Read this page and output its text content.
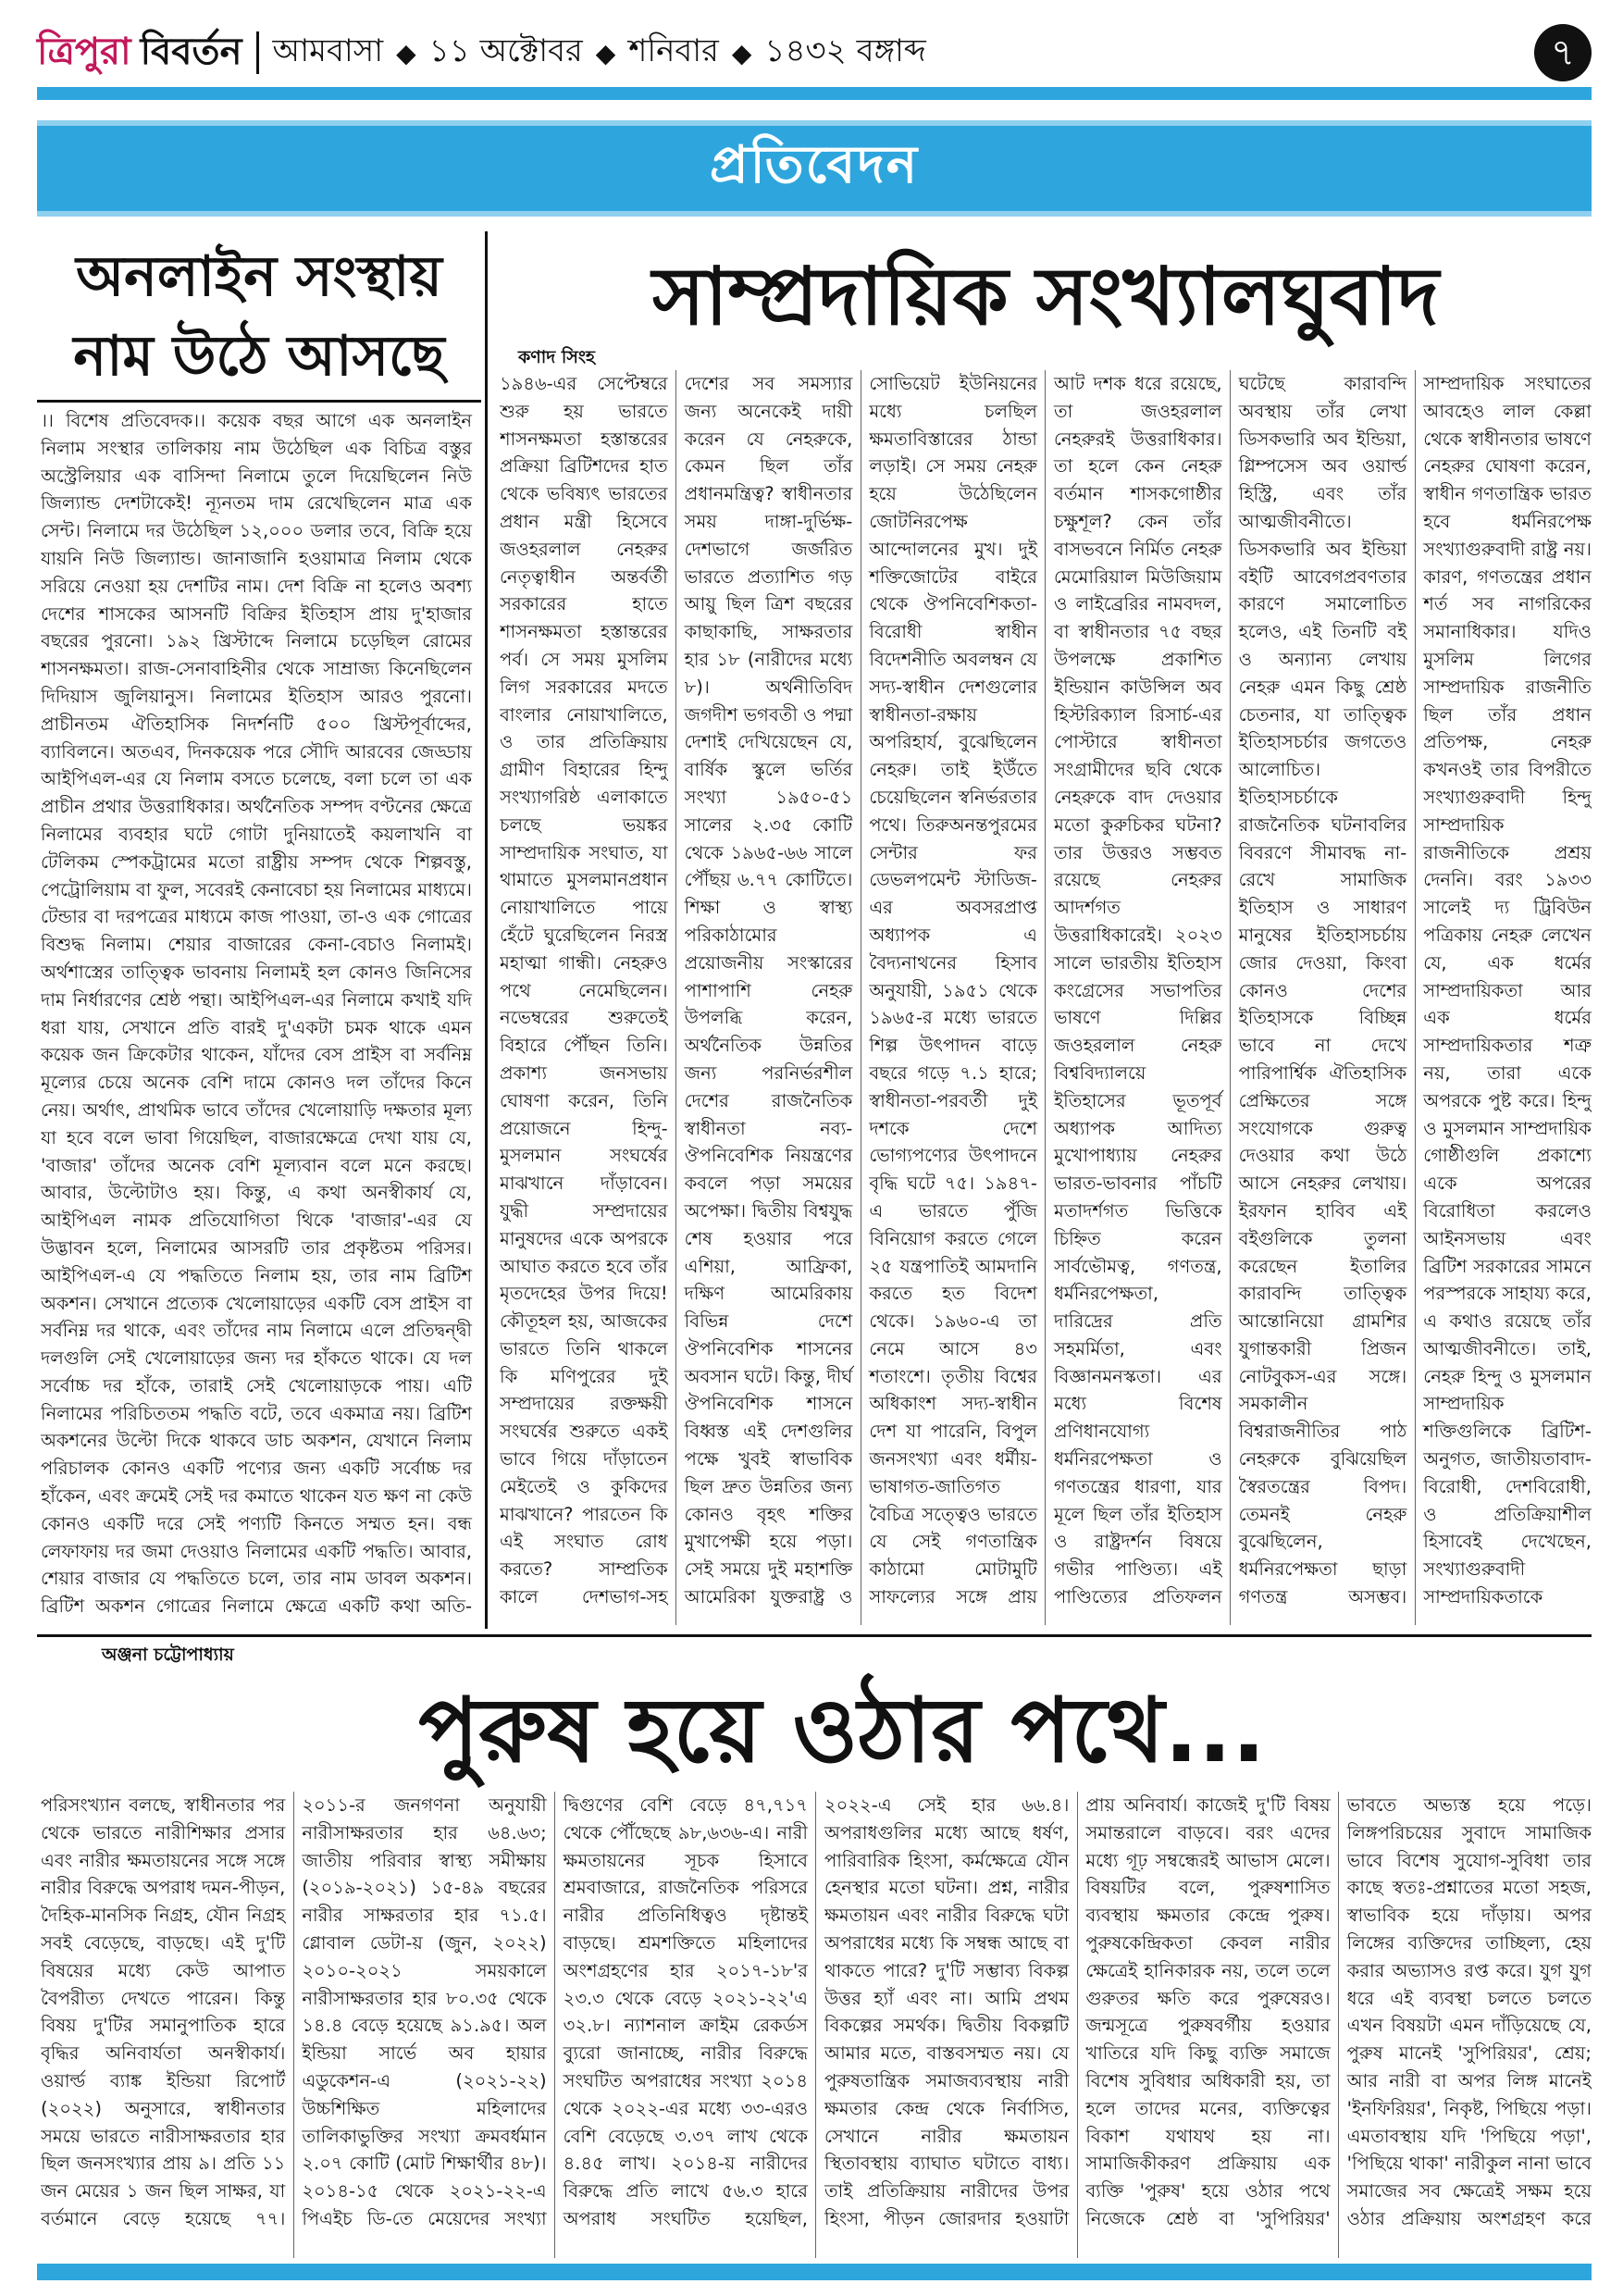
ত্রিপুরা বিবর্তন আমবাসা ◆ ১১ অক্টোবর ◆ শনিবার ◆ ১৪৩২ বঙ্গাব্দ	৭
প্রতিবেদন
অনলাইন সংস্থায়
নাম উঠে আসছে
।। বিশেষ প্রতিবেদক।। কয়েক বছর আগে এক অনলাইন নিলাম সংস্থার তালিকায় নাম উঠেছিল এক বিচিত্র বস্তুর অস্ট্রেলিয়ার এক বাসিন্দা নিলামে তুলে দিয়েছিলেন নিউ জিল্যান্ড দেশটাকেই! ন্যূনতম দাম রেখেছিলেন মাত্র এক সেন্ট। নিলামে দর উঠেছিল ১২,০০০ ডলার তবে, বিক্রি হয়ে যায়নি নিউ জিল্যান্ড। জানাজানি হওয়ামাত্র নিলাম থেকে সরিয়ে নেওয়া হয় দেশটির নাম। দেশ বিক্রি না হলেও অবশ্য দেশের শাসকের আসনটি বিক্রির ইতিহাস প্রায় দু'হাজার বছরের পুরনো। ১৯২ খ্রিস্টাব্দে নিলামে চড়েছিল রোমের শাসনক্ষমতা। রাজ-সেনাবাহিনীর থেকে সাম্রাজ্য কিনেছিলেন দিদিয়াস জুলিয়ানুস। নিলামের ইতিহাস আরও পুরনো। প্রাচীনতম ঐতিহাসিক নিদর্শনটি ৫০০ খ্রিস্টপূর্বাব্দের, ব্যাবিলনে। অতএব, দিনকয়েক পরে সৌদি আরবের জেড্ডায় আইপিএল-এর যে নিলাম বসতে চলেছে, বলা চলে তা এক প্রাচীন প্রথার উত্তরাধিকার। অর্থনৈতিক সম্পদ বণ্টনের ক্ষেত্রে নিলামের ব্যবহার ঘটে গোটা দুনিয়াতেই কয়লাখনি বা টেলিকম স্পেকট্রামের মতো রাষ্ট্রীয় সম্পদ থেকে শিল্পবস্তু, পেট্রোলিয়াম বা ফুল, সবেরই কেনাবেচা হয় নিলামের মাধ্যমে। টেন্ডার বা দরপত্রের মাধ্যমে কাজ পাওয়া, তা-ও এক গোত্রের বিশুদ্ধ নিলাম। শেয়ার বাজারের কেনা-বেচাও নিলামই। অর্থশাস্ত্রের তাত্ত্বিক ভাবনায় নিলামই হল কোনও জিনিসের দাম নির্ধারণের শ্রেষ্ঠ পন্থা। আইপিএল-এর নিলামে কখাই যদি ধরা যায়, সেখানে প্রতি বারই দু'একটা চমক থাকে এমন কয়েক জন ক্রিকেটার থাকেন, যাঁদের বেস প্রাইস বা সর্বনিম্ন মূল্যের চেয়ে অনেক বেশি দামে কোনও দল তাঁদের কিনে নেয়। অর্থাৎ, প্রাথমিক ভাবে তাঁদের খেলোয়াড়ি দক্ষতার মূল্য যা হবে বলে ভাবা গিয়েছিল, বাজারক্ষেত্রে দেখা যায় যে, 'বাজার' তাঁদের অনেক বেশি মূল্যবান বলে মনে করছে। আবার, উল্টোটাও হয়। কিন্তু, এ কথা অনস্বীকার্য যে, আইপিএল নামক প্রতিযোগিতা থিকে 'বাজার'-এর যে উদ্ভাবন হলে, নিলামের আসরটি তার প্রকৃষ্টতম পরিসর। আইপিএল-এ যে পদ্ধতিতে নিলাম হয়, তার নাম ব্রিটিশ অকশন। সেখানে প্রত্যেক খেলোয়াড়ের একটি বেস প্রাইস বা সর্বনিম্ন দর থাকে, এবং তাঁদের নাম নিলামে এলে প্রতিদ্বন্দ্বী দলগুলি সেই খেলোয়াড়ের জন্য দর হাঁকতে থাকে। যে দল সর্বোচ্চ দর হাঁকে, তারাই সেই খেলোয়াড়কে পায়। এটি নিলামের পরিচিততম পদ্ধতি বটে, তবে একমাত্র নয়। ব্রিটিশ অকশনের উল্টো দিকে থাকবে ডাচ অকশন, যেখানে নিলাম পরিচালক কোনও একটি পণ্যের জন্য একটি সর্বোচ্চ দর হাঁকেন, এবং ক্রমেই সেই দর কমাতে থাকেন যত ক্ষণ না কেউ কোনও একটি দরে সেই পণ্যটি কিনতে সম্মত হন। বন্ধ লেফাফায় দর জমা দেওয়াও নিলামের একটি পদ্ধতি। আবার, শেয়ার বাজার যে পদ্ধতিতে চলে, তার নাম ডাবল অকশন। ব্রিটিশ অকশন গোত্রের নিলামে ক্ষেত্রে একটি কথা অতি-
সাম্প্রদায়িক সংখ্যালঘুবাদ
কণাদ সিংহ
১৯৪৬-এর সেপ্টেম্বরে শুরু হয় ভারতে শাসনক্ষমতা হস্তান্তরের প্রক্রিয়া ব্রিটিশদের হাত থেকে ভবিষ্যৎ ভারতের প্রধান মন্ত্রী হিসেবে জওহরলাল নেহরুর নেতৃত্বাধীন অন্তর্বর্তী সরকারের হাতে শাসনক্ষমতা হস্তান্তরের পর্ব। সে সময় মুসলিম লিগ সরকারের মদতে বাংলার নোয়াখালিতে, ও তার প্রতিক্রিয়ায় গ্রামীণ বিহারের হিন্দু সংখ্যাগরিষ্ঠ এলাকাতে চলছে ভয়ঙ্কর সাম্প্রদায়িক সংঘাত, যা থামাতে মুসলমানপ্রধান নোয়াখালিতে পায়ে হেঁটে ঘুরেছিলেন নিরস্ত্র মহাত্মা গান্ধী। নেহরুও পথে নেমেছিলেন। নভেম্বরের শুরুতেই বিহারে পৌঁছন তিনি। প্রকাশ্য জনসভায় ঘোষণা করেন, তিনি প্রয়োজনে হিন্দু-মুসলমান সংঘর্ষের মাঝখানে দাঁড়াবেন। যুদ্ধী সম্প্রদায়ের মানুষদের একে অপরকে আঘাত করতে হবে তাঁর মৃতদেহের উপর দিয়ে! কৌতূহল হয়, আজকের ভারতে তিনি থাকলে কি মণিপুরের দুই সম্প্রদায়ের রক্তক্ষয়ী সংঘর্ষের শুরুতে একই ভাবে গিয়ে দাঁড়াতেন মেইতেই ও কুকিদের মাঝখানে? পারতেন কি এই সংঘাত রোধ করতে? সাম্প্রতিক কালে দেশভাগ-সহ দেশের সব সমস্যার জন্য অনেকেই দায়ী করেন যে নেহরুকে, কেমন ছিল তাঁর প্রধানমন্ত্রিত্ব? স্বাধীনতার সময় দাঙ্গা-দুর্ভিক্ষ-দেশভাগে জর্জরিত ভারতে প্রত্যাশিত গড় আয়ু ছিল ত্রিশ বছরের কাছাকাছি, সাক্ষরতার হার ১৮ (নারীদের মধ্যে ৮)। অর্থনীতিবিদ জগদীশ ভগবতী ও পদ্মা দেশাই দেখিয়েছেন যে, বার্ষিক স্কুলে ভর্তির সংখ্যা ১৯৫০-৫১ সালের ২.৩৫ কোটি থেকে ১৯৬৫-৬৬ সালে পৌঁছয় ৬.৭৭ কোটিতে। শিক্ষা ও স্বাস্থ্য পরিকাঠামোর প্রয়োজনীয় সংস্কারের পাশাপাশি নেহরু উপলব্ধি করেন, অর্থনৈতিক উন্নতির জন্য পরনির্ভরশীল দেশের রাজনৈতিক স্বাধীনতা নব্য-ঔপনিবেশিক নিয়ন্ত্রণের কবলে পড়া সময়ের অপেক্ষা। দ্বিতীয় বিশ্বযুদ্ধ শেষ হওয়ার পরে এশিয়া, আফ্রিকা, দক্ষিণ আমেরিকায় বিভিন্ন দেশে ঔপনিবেশিক শাসনের অবসান ঘটে। কিন্তু, দীর্ঘ ঔপনিবেশিক শাসনে বিধ্বস্ত এই দেশগুলির পক্ষে খুবই স্বাভাবিক ছিল দ্রুত উন্নতির জন্য কোনও বৃহৎ শক্তির মুখাপেক্ষী হয়ে পড়া। সেই সময়ে দুই মহাশক্তি আমেরিকা যুক্তরাষ্ট্র ও সোভিয়েট ইউনিয়নের মধ্যে চলছিল ক্ষমতাবিস্তারের ঠান্ডা লড়াই। সে সময় নেহরু হয়ে উঠেছিলেন জোটনিরপেক্ষ আন্দোলনের মুখ। দুই শক্তিজোটের বাইরে থেকে ঔপনিবেশিকতা-বিরোধী স্বাধীন বিদেশনীতি অবলম্বন যে সদ্য-স্বাধীন দেশগুলোর স্বাধীনতা-রক্ষায় অপরিহার্য, বুঝেছিলেন নেহরু। তাই ইউঁতে চেয়েছিলেন স্বনির্ভরতার পথে। তিরুঅনন্তপুরমের সেন্টার ফর ডেভলপমেন্ট স্টাডিজ-এর অবসরপ্রাপ্ত অধ্যাপক এ বৈদ্যনাথনের হিসাব অনুযায়ী, ১৯৫১ থেকে ১৯৬৫-র মধ্যে ভারতে শিল্প উৎপাদন বাড়ে বছরে গড়ে ৭.১ হারে; স্বাধীনতা-পরবর্তী দুই দশকে দেশে ভোগ্যপণ্যের উৎপাদনে বৃদ্ধি ঘটে ৭৫। ১৯৪৭-এ ভারতে পুঁজি বিনিয়োগ করতে গেলে ২৫ যন্ত্রপাতিই আমদানি করতে হত বিদেশ থেকে। ১৯৬০-এ তা নেমে আসে ৪৩ শতাংশে। তৃতীয় বিশ্বের অধিকাংশ সদ্য-স্বাধীন দেশ যা পারেনি, বিপুল জনসংখ্যা এবং ধর্মীয়-ভাষাগত-জাতিগত বৈচিত্র সত্ত্বেও ভারতে যে সেই গণতান্ত্রিক কাঠামো মোটামুটি সাফল্যের সঙ্গে প্রায় আট দশক ধরে রয়েছে, তা জওহরলাল নেহরুরই উত্তরাধিকার। তা হলে কেন নেহরু বর্তমান শাসকগোষ্ঠীর চক্ষুশূল? কেন তাঁর বাসভবনে নির্মিত নেহরু মেমোরিয়াল মিউজিয়াম ও লাইব্রেরির নামবদল, বা স্বাধীনতার ৭৫ বছর উপলক্ষে প্রকাশিত ইন্ডিয়ান কাউন্সিল অব হিস্টরিক্যাল রিসার্চ-এর পোস্টারে স্বাধীনতা সংগ্রামীদের ছবি থেকে নেহরুকে বাদ দেওয়ার মতো কুরুচিকর ঘটনা? তার উত্তরও সম্ভবত রয়েছে নেহরুর আদর্শগত উত্তরাধিকারেই। ২০২৩ সালে ভারতীয় ইতিহাস কংগ্রেসের সভাপতির ভাষণে দিল্লির জওহরলাল নেহরু বিশ্ববিদ্যালয়ে ইতিহাসের ভূতপূর্ব অধ্যাপক আদিত্য মুখোপাধ্যায় নেহরুর ভারত-ভাবনার পাঁচটি মতাদর্শগত ভিত্তিকে চিহ্নিত করেন সার্বভৌমত্ব, গণতন্ত্র, ধর্মনিরপেক্ষতা, দারিদ্রের প্রতি সহমর্মিতা, এবং বিজ্ঞানমনস্কতা। এর মধ্যে বিশেষ প্রণিধানযোগ্য ধর্মনিরপেক্ষতা ও গণতন্ত্রের ধারণা, যার মূলে ছিল তাঁর ইতিহাস ও রাষ্ট্রদর্শন বিষয়ে গভীর পাণ্ডিত্য। এই পাণ্ডিত্যের প্রতিফলন ঘটেছে কারাবন্দি অবস্থায় তাঁর লেখা ডিসকভারি অব ইন্ডিয়া, গ্লিম্পসেস অব ওয়ার্ল্ড হিস্ট্রি, এবং তাঁর আত্মজীবনীতে। ডিসকভারি অব ইন্ডিয়া বইটি আবেগপ্রবণতার কারণে সমালোচিত হলেও, এই তিনটি বই ও অন্যান্য লেখায় নেহরু এমন কিছু শ্রেষ্ঠ চেতনার, যা তাত্ত্বিক ইতিহাসচর্চার জগতেও আলোচিত। ইতিহাসচর্চাকে রাজনৈতিক ঘটনাবলির বিবরণে সীমাবদ্ধ না-রেখে সামাজিক ইতিহাস ও সাধারণ মানুষের ইতিহাসচর্চায় জোর দেওয়া, কিংবা কোনও দেশের ইতিহাসকে বিচ্ছিন্ন ভাবে না দেখে পারিপার্শ্বিক ঐতিহাসিক প্রেক্ষিতের সঙ্গে সংযোগকে গুরুত্ব দেওয়ার কথা উঠে আসে নেহরুর লেখায়। ইরফান হাবিব এই বইগুলিকে তুলনা করেছেন ইতালির কারাবন্দি তাত্ত্বিক আন্তোনিয়ো গ্রামশির যুগান্তকারী প্রিজন নোটবুকস-এর সঙ্গে। সমকালীন বিশ্বরাজনীতির পাঠ নেহরুকে বুঝিয়েছিল স্বৈরতন্ত্রের বিপদ। তেমনই নেহরু বুঝেছিলেন, ধর্মনিরপেক্ষতা ছাড়া গণতন্ত্র অসম্ভব। সাম্প্রদায়িক সংঘাতের আবহেও লাল কেল্লা থেকে স্বাধীনতার ভাষণে নেহরুর ঘোষণা করেন, স্বাধীন গণতান্ত্রিক ভারত হবে ধর্মনিরপেক্ষ সংখ্যাগুরুবাদী রাষ্ট্র নয়। কারণ, গণতন্ত্রের প্রধান শর্ত সব নাগরিকের সমানাধিকার। যদিও মুসলিম লিগের সাম্প্রদায়িক রাজনীতি ছিল তাঁর প্রধান প্রতিপক্ষ, নেহরু কখনওই তার বিপরীতে সংখ্যাগুরুবাদী হিন্দু সাম্প্রদায়িক রাজনীতিকে প্রশ্রয় দেননি। বরং ১৯৩৩ সালেই দ্য ট্রিবিউন পত্রিকায় নেহরু লেখেন যে, এক ধর্মের সাম্প্রদায়িকতা আর এক ধর্মের সাম্প্রদায়িকতার শত্রু নয়, তারা একে অপরকে পুষ্ট করে। হিন্দু ও মুসলমান সাম্প্রদায়িক গোষ্ঠীগুলি প্রকাশ্যে একে অপরের বিরোধিতা করলেও আইনসভায় এবং ব্রিটিশ সরকারের সামনে পরস্পরকে সাহায্য করে, এ কথাও রয়েছে তাঁর আত্মজীবনীতে। তাই, নেহরু হিন্দু ও মুসলমান সাম্প্রদায়িক শক্তিগুলিকে ব্রিটিশ-অনুগত, জাতীয়তাবাদ-বিরোধী, দেশবিরোধী, ও প্রতিক্রিয়াশীল হিসাবেই দেখেছেন, সংখ্যাগুরুবাদী সাম্প্রদায়িকতাকে
অঞ্জনা চট্টোপাধ্যায়
পুরুষ হয়ে ওঠার পথে...
পরিসংখ্যান বলছে, স্বাধীনতার পর থেকে ভারতে নারীশিক্ষার প্রসার এবং নারীর ক্ষমতায়নের সঙ্গে সঙ্গে নারীর বিরুদ্ধে অপরাধ দমন-পীড়ন, দৈহিক-মানসিক নিগ্রহ, যৌন নিগ্রহ সবই বেড়েছে, বাড়ছে। এই দু'টি বিষয়ের মধ্যে কেউ আপাত বৈপরীত্য দেখতে পারেন। কিন্তু বিষয় দু'টির সমানুপাতিক হারে বৃদ্ধির অনিবার্যতা অনস্বীকার্য। ওয়ার্ল্ড ব্যাঙ্ক ইন্ডিয়া রিপোর্ট (২০২২) অনুসারে, স্বাধীনতার সময়ে ভারতে নারীসাক্ষরতার হার ছিল জনসংখ্যার প্রায় ৯। প্রতি ১১ জন মেয়ের ১ জন ছিল সাক্ষর, যা বর্তমানে বেড়ে হয়েছে ৭৭। ২০১১-র জনগণনা অনুযায়ী নারীসাক্ষরতার হার ৬৪.৬৩; জাতীয় পরিবার স্বাস্থ্য সমীক্ষায় (২০১৯-২০২১) ১৫-৪৯ বছরের নারীর সাক্ষরতার হার ৭১.৫। গ্লোবাল ডেটা-য় (জুন, ২০২২) ২০১০-২০২১ সময়কালে নারীসাক্ষরতার হার ৮০.৩৫ থেকে ১৪.৪ বেড়ে হয়েছে ৯১.৯৫। অল ইন্ডিয়া সার্ভে অব হায়ার এডুকেশন-এ (২০২১-২২) উচ্চশিক্ষিত মহিলাদের তালিকাভুক্তির সংখ্যা ক্রমবর্ধমান ২.০৭ কোটি (মোট শিক্ষার্থীর ৪৮)। ২০১৪-১৫ থেকে ২০২১-২২-এ পিএইচ ডি-তে মেয়েদের সংখ্যা দ্বিগুণের বেশি বেড়ে ৪৭,৭১৭ থেকে পৌঁছেছে ৯৮,৬৩৬-এ। নারী ক্ষমতায়নের সূচক হিসাবে শ্রমবাজারে, রাজনৈতিক পরিসরে নারীর প্রতিনিধিত্বও দৃষ্টান্তই বাড়ছে। শ্রমশক্তিতে মহিলাদের অংশগ্রহণের হার ২০১৭-১৮'র ২৩.৩ থেকে বেড়ে ২০২১-২২'এ ৩২.৮। ন্যাশনাল ক্রাইম রেকর্ডস ব্যুরো জানাচ্ছে, নারীর বিরুদ্ধে সংঘটিত অপরাধের সংখ্যা ২০১৪ থেকে ২০২২-এর মধ্যে ৩৩-এরও বেশি বেড়েছে ৩.৩৭ লাখ থেকে ৪.৪৫ লাখ। ২০১৪-য় নারীদের বিরুদ্ধে প্রতি লাখে ৫৬.৩ হারে অপরাধ সংঘটিত হয়েছিল, ২০২২-এ সেই হার ৬৬.৪। অপরাধগুলির মধ্যে আছে ধর্ষণ, পারিবারিক হিংসা, কর্মক্ষেত্রে যৌন হেনস্থার মতো ঘটনা। প্রশ্ন, নারীর ক্ষমতায়ন এবং নারীর বিরুদ্ধে ঘটা অপরাধের মধ্যে কি সম্বন্ধ আছে বা থাকতে পারে? দু'টি সম্ভাব্য বিকল্প উত্তর হ্যাঁ এবং না। আমি প্রথম বিকল্পের সমর্থক। দ্বিতীয় বিকল্পটি আমার মতে, বাস্তবসম্মত নয়। যে পুরুষতান্ত্রিক সমাজব্যবস্থায় নারী ক্ষমতার কেন্দ্র থেকে নির্বাসিত, সেখানে নারীর ক্ষমতায়ন স্থিতাবস্থায় ব্যাঘাত ঘটাতে বাধ্য। তাই প্রতিক্রিয়ায় নারীদের উপর হিংসা, পীড়ন জোরদার হওয়াটা প্রায় অনিবার্য। কাজেই দু'টি বিষয় সমান্তরালে বাড়বে। বরং এদের মধ্যে গূঢ় সম্বন্ধেরই আভাস মেলে। বিষয়টির বলে, পুরুষশাসিত ব্যবস্থায় ক্ষমতার কেন্দ্রে পুরুষ। পুরুষকেন্দ্রিকতা কেবল নারীর ক্ষেত্রেই হানিকারক নয়, তলে তলে গুরুতর ক্ষতি করে পুরুষেরও। জন্মসূত্রে পুরুষবর্গীয় হওয়ার খাতিরে যদি কিছু ব্যক্তি সমাজে বিশেষ সুবিধার অধিকারী হয়, তা হলে তাদের মনের, ব্যক্তিত্বের বিকাশ যথাযথ হয় না। সামাজিকীকরণ প্রক্রিয়ায় এক ব্যক্তি 'পুরুষ' হয়ে ওঠার পথে নিজেকে শ্রেষ্ঠ বা 'সুপিরিয়র' ভাবতে অভ্যস্ত হয়ে পড়ে। লিঙ্গপরিচয়ের সুবাদে সামাজিক ভাবে বিশেষ সুযোগ-সুবিধা তার কাছে স্বতঃ-প্রশ্নাতের মতো সহজ, স্বাভাবিক হয়ে দাঁড়ায়। অপর লিঙ্গের ব্যক্তিদের তাচ্ছিল্য, হেয় করার অভ্যাসও রপ্ত করে। যুগ যুগ ধরে এই ব্যবস্থা চলতে চলতে এখন বিষয়টা এমন দাঁড়িয়েছে যে, পুরুষ মানেই 'সুপিরিয়র', শ্রেয়; আর নারী বা অপর লিঙ্গ মানেই 'ইনফিরিয়র', নিকৃষ্ট, পিছিয়ে পড়া। এমতাবস্থায় যদি 'পিছিয়ে পড়া', 'পিছিয়ে থাকা' নারীকুল নানা ভাবে সমাজের সব ক্ষেত্রেই সক্ষম হয়ে ওঠার প্রক্রিয়ায় অংশগ্রহণ করে
